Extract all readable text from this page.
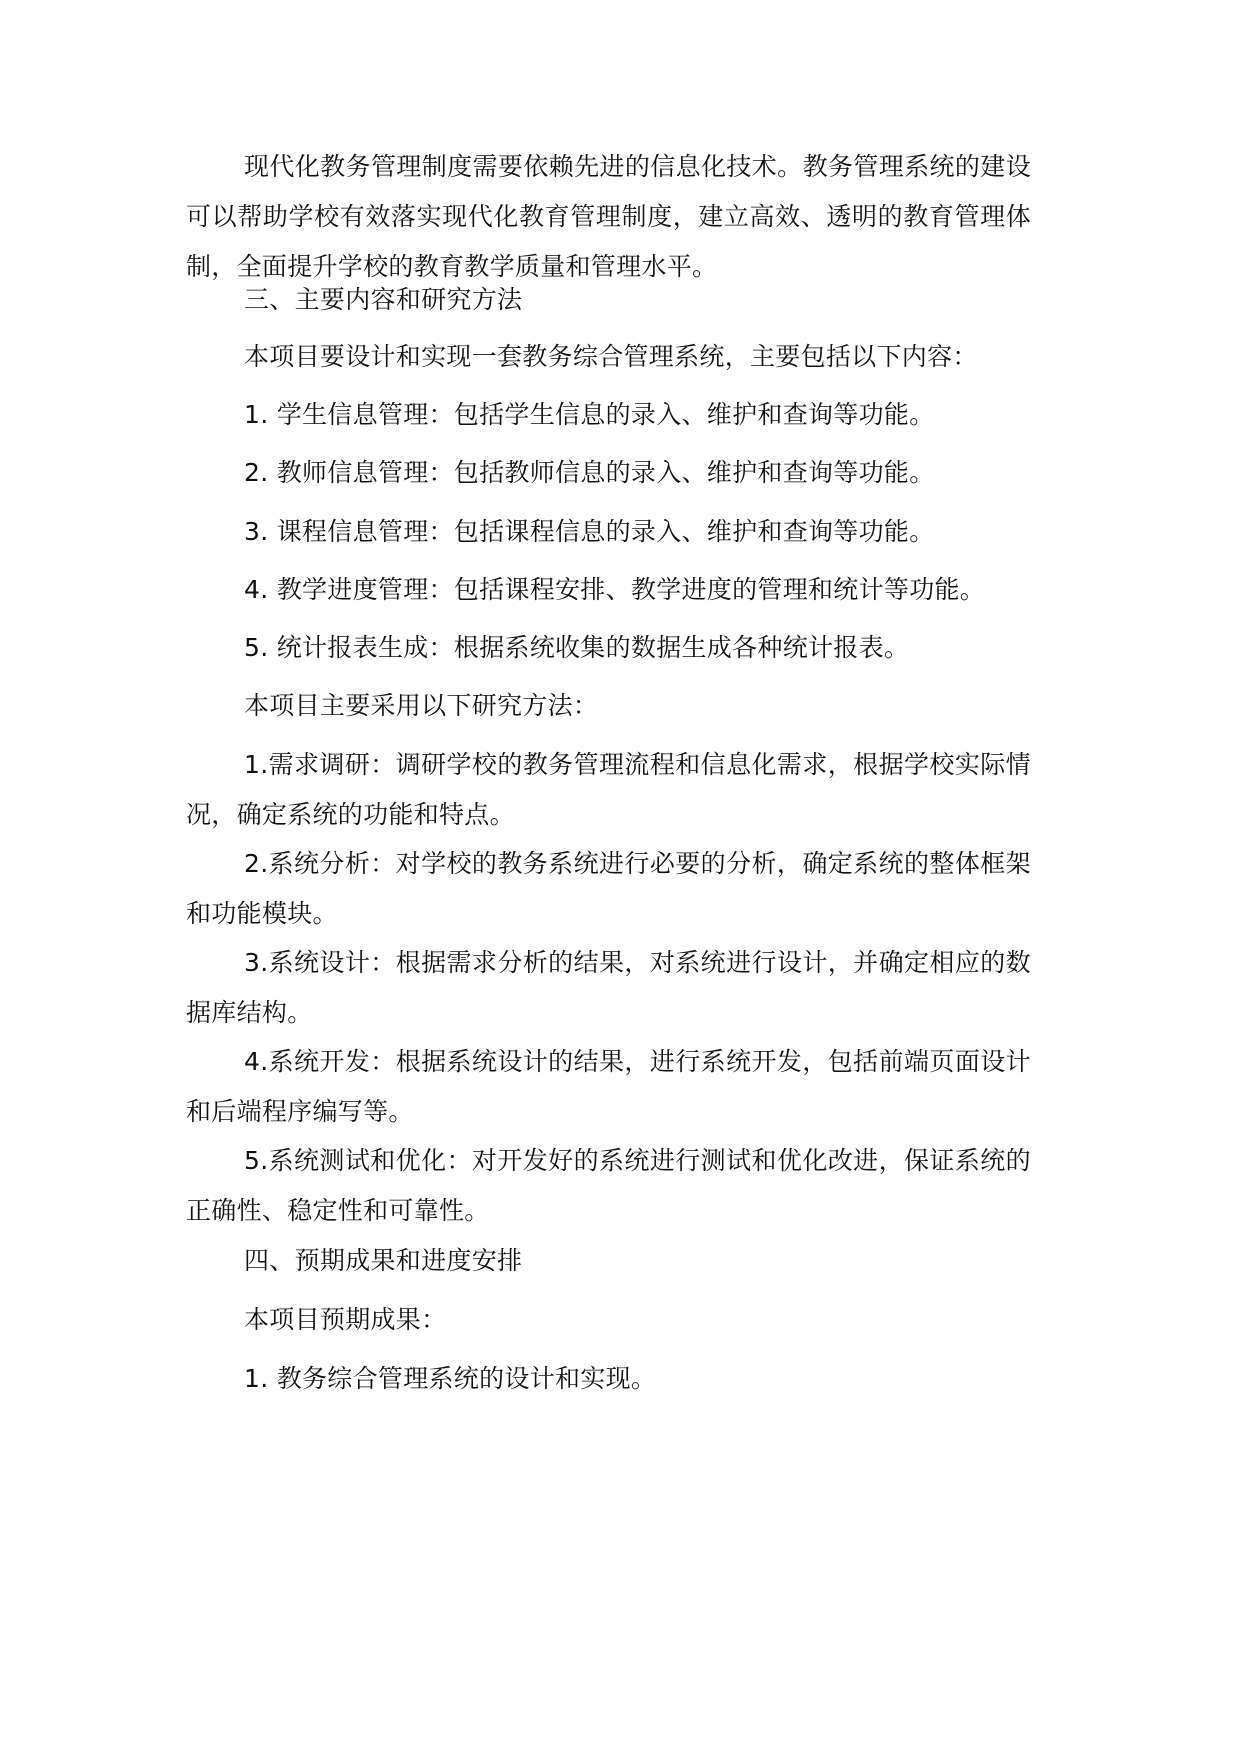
现代化教务管理制度需要依赖先进的信息化技术。教务管理系统的建设可以帮助学校有效落实现代化教育管理制度，建立高效、透明的教育管理体制，全面提升学校的教育教学质量和管理水平。

三、主要内容和研究方法

本项目要设计和实现一套教务综合管理系统，主要包括以下内容：

1. 学生信息管理：包括学生信息的录入、维护和查询等功能。

2. 教师信息管理：包括教师信息的录入、维护和查询等功能。

3. 课程信息管理：包括课程信息的录入、维护和查询等功能。

4. 教学进度管理：包括课程安排、教学进度的管理和统计等功能。

5. 统计报表生成：根据系统收集的数据生成各种统计报表。

本项目主要采用以下研究方法：

1.需求调研：调研学校的教务管理流程和信息化需求，根据学校实际情况，确定系统的功能和特点。

2.系统分析：对学校的教务系统进行必要的分析，确定系统的整体框架和功能模块。

3.系统设计：根据需求分析的结果，对系统进行设计，并确定相应的数据库结构。

4.系统开发：根据系统设计的结果，进行系统开发，包括前端页面设计和后端程序编写等。

5.系统测试和优化：对开发好的系统进行测试和优化改进，保证系统的正确性、稳定性和可靠性。

四、预期成果和进度安排

本项目预期成果：

1. 教务综合管理系统的设计和实现。
